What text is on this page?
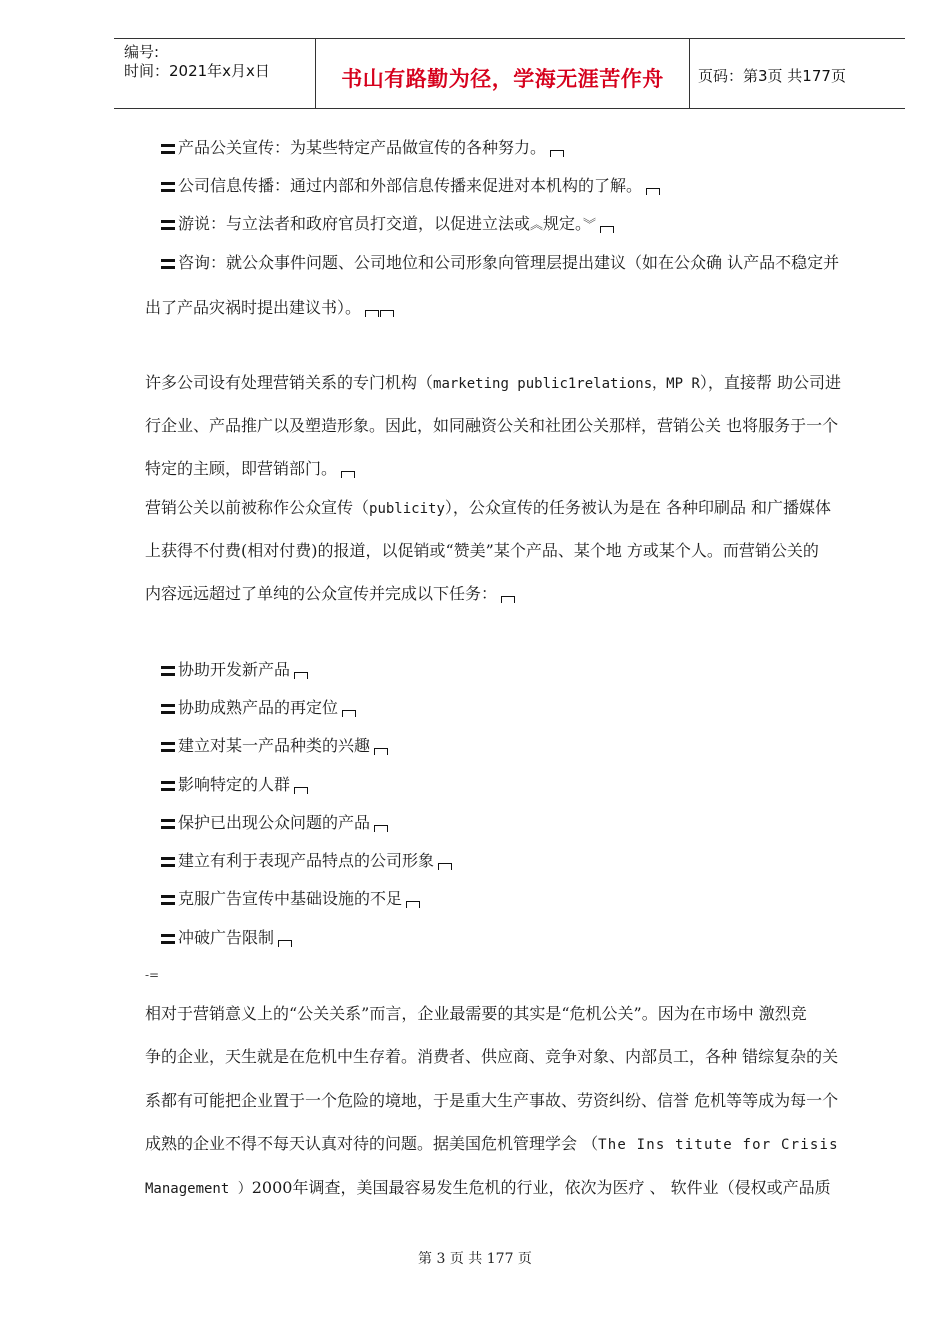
编号:
时间：2021年x月x日	书山有路勤为径，学海无涯苦作舟	页码：第3页 共177页
产品公关宣传：为某些特定产品做宣传的各种努力。
公司信息传播：通过内部和外部信息传播来促进对本机构的了解。
游说：与立法者和政府官员打交道，以促进立法或︽规定。︾
咨询：就公众事件问题、公司地位和公司形象向管理层提出建议（如在公众确 认产品不稳定并
出了产品灾祸时提出建议书）。
许多公司设有处理营销关系的专门机构（marketing public1relations，MP R），直接帮 助公司进
行企业、产品推广以及塑造形象。因此，如同融资公关和社团公关那样，营销公关 也将服务于一个
特定的主顾，即营销部门。
营销公关以前被称作公众宣传（publicity），公众宣传的任务被认为是在 各种印刷品 和广播媒体
上获得不付费(相对付费)的报道，以促销或“赞美”某个产品、某个地 方或某个人。而营销公关的
内容远远超过了单纯的公众宣传并完成以下任务：
协助开发新产品
协助成熟产品的再定位
建立对某一产品种类的兴趣
影响特定的人群
保护已出现公众问题的产品
建立有利于表现产品特点的公司形象
克服广告宣传中基础设施的不足
冲破广告限制
-=
相对于营销意义上的“公关关系”而言，企业最需要的其实是“危机公关”。因为在市场中 激烈竞
争的企业，天生就是在危机中生存着。消费者、供应商、竞争对象、内部员工，各种 错综复杂的关
系都有可能把企业置于一个危险的境地，于是重大生产事故、劳资纠纷、信誉 危机等等成为每一个
成熟的企业不得不每天认真对待的问题。据美国危机管理学会 （The Ins titute for Crisis
Management ）2000年调查，美国最容易发生危机的行业，依次为医疗 、 软件业（侵权或产品质
第 3 页 共 177 页
